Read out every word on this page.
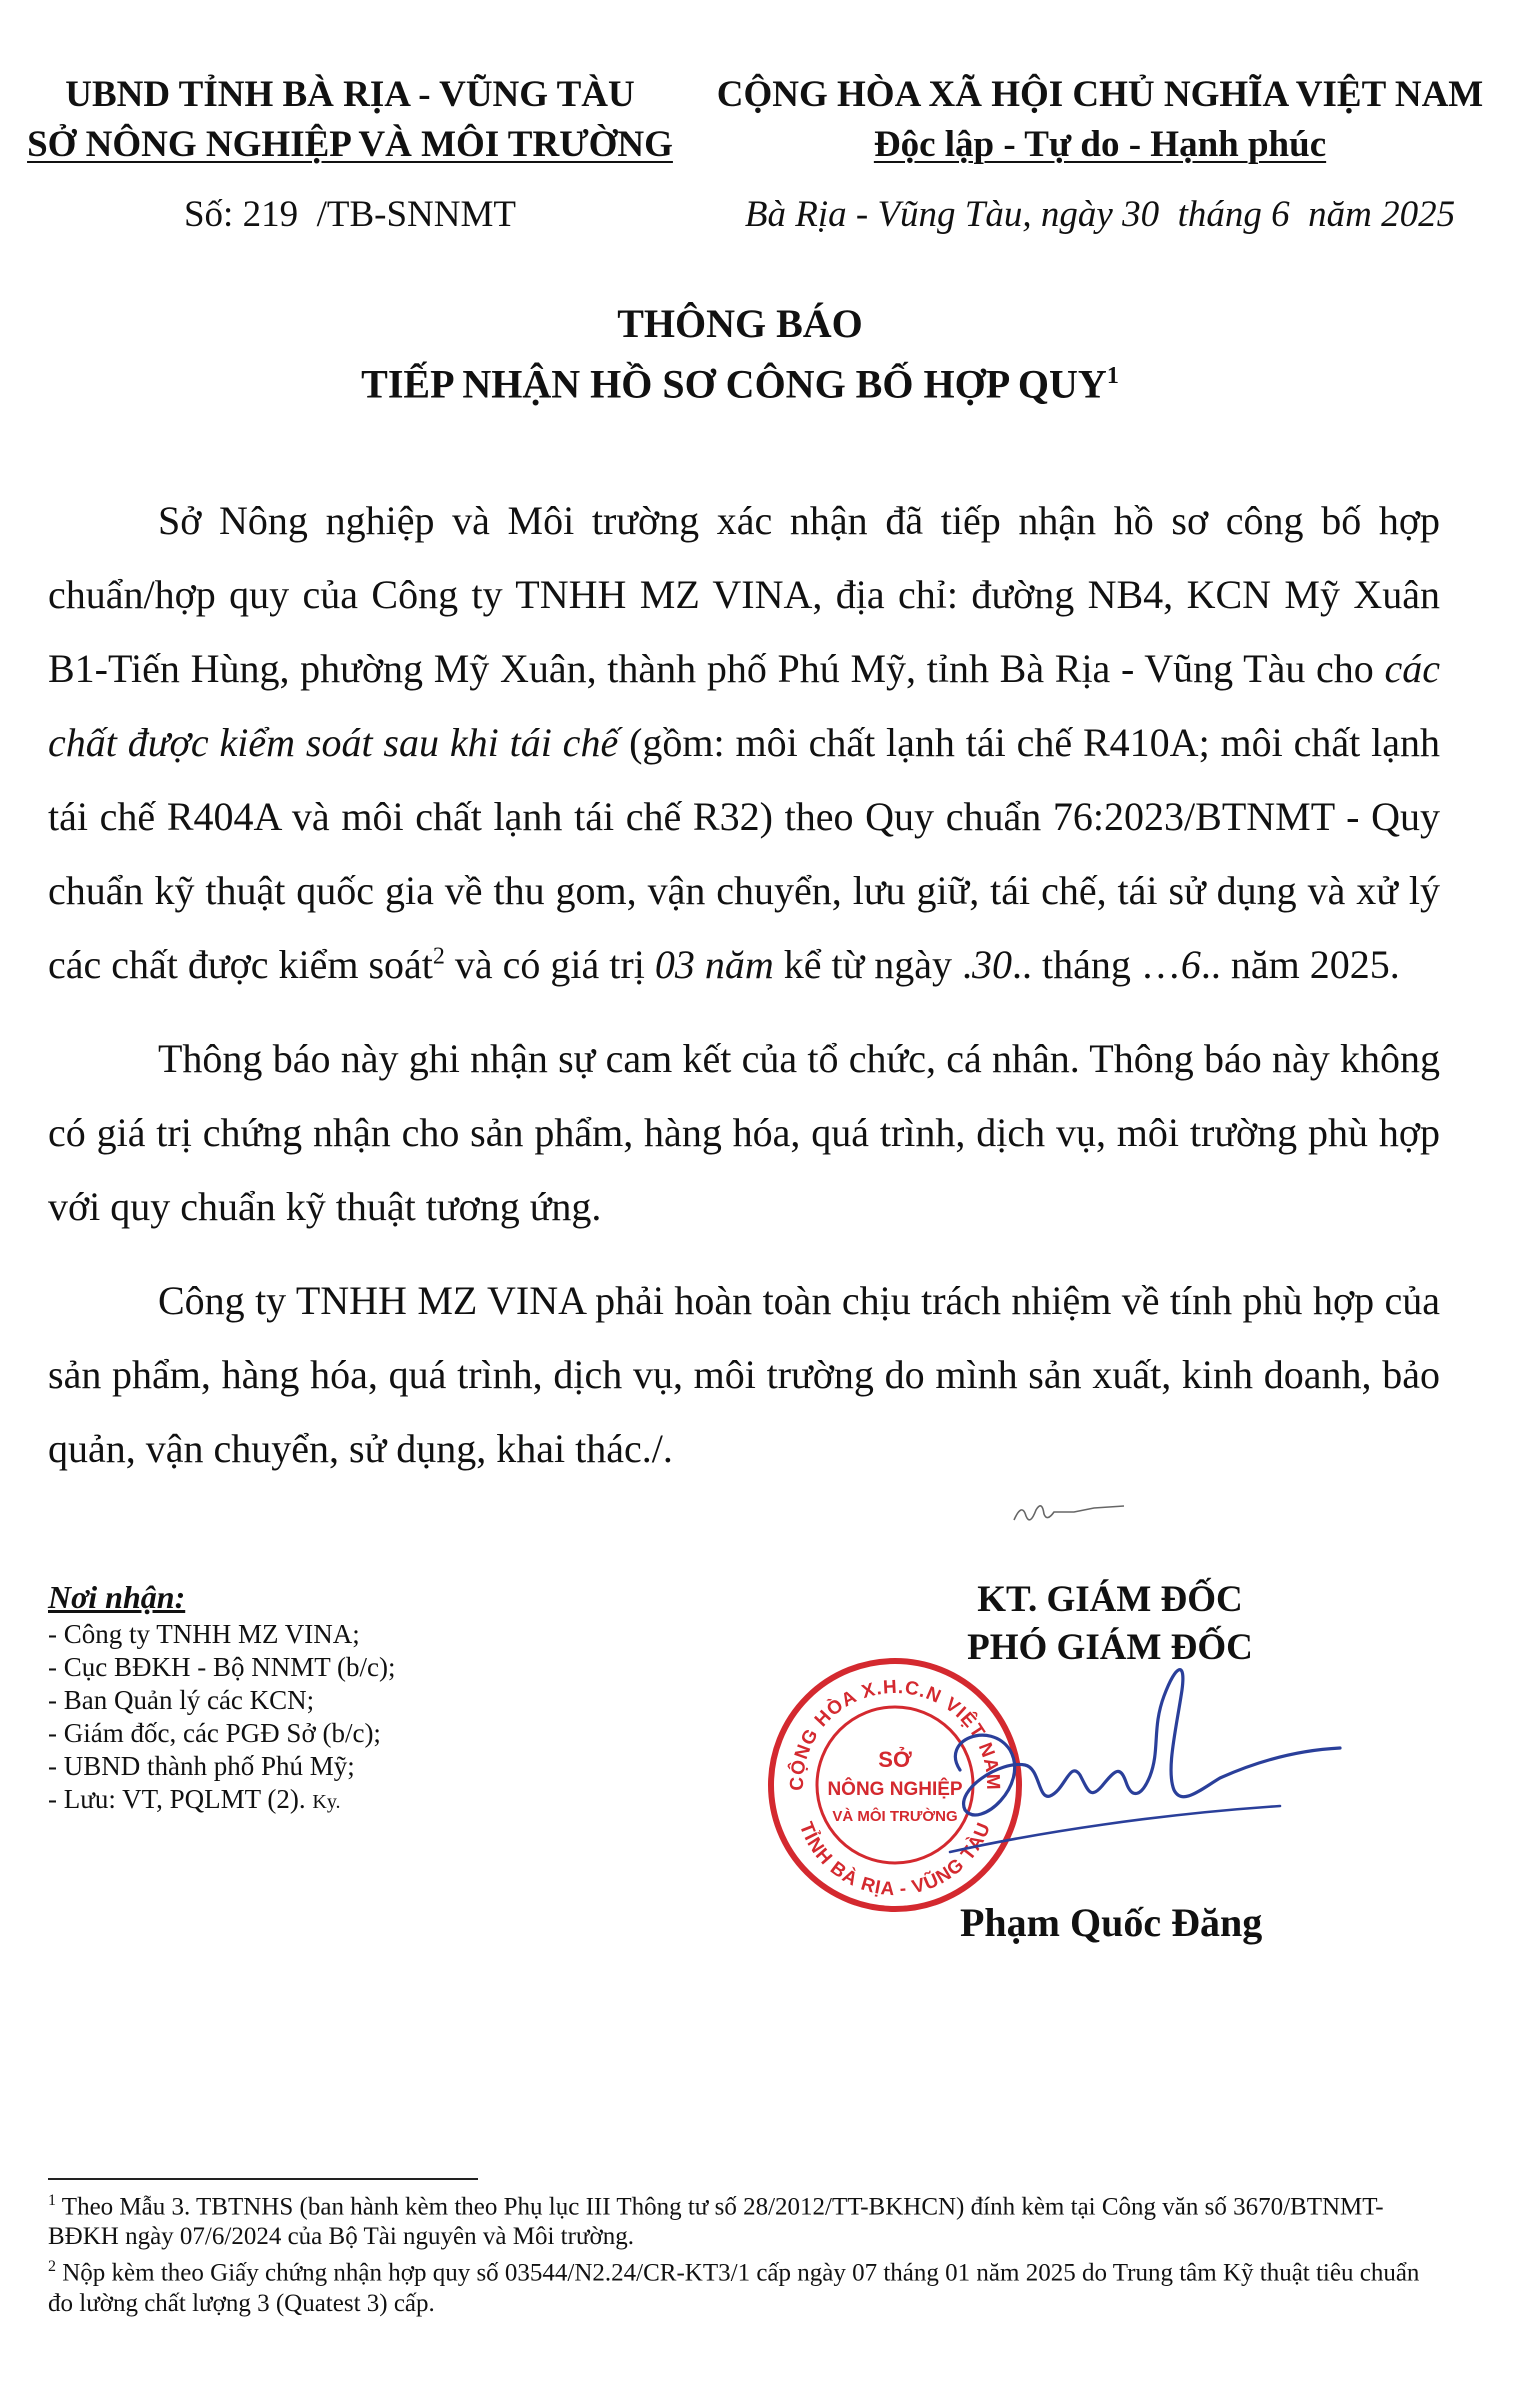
UBND TỈNH BÀ RỊA - VŨNG TÀU
SỞ NÔNG NGHIỆP VÀ MÔI TRƯỜNG
Số: 219 /TB-SNNMT
CỘNG HÒA XÃ HỘI CHỦ NGHĨA VIỆT NAM
Độc lập - Tự do - Hạnh phúc
Bà Rịa - Vũng Tàu, ngày 30 tháng 6 năm 2025
THÔNG BÁO
TIẾP NHẬN HỒ SƠ CÔNG BỐ HỢP QUY$^1$

Sở Nông nghiệp và Môi trường xác nhận đã tiếp nhận hồ sơ công bố hợp chuẩn/hợp quy của Công ty TNHH MZ VINA, địa chỉ: đường NB4, KCN Mỹ Xuân B1-Tiến Hùng, phường Mỹ Xuân, thành phố Phú Mỹ, tỉnh Bà Rịa - Vũng Tàu cho các chất được kiểm soát sau khi tái chế (gồm: môi chất lạnh tái chế R410A; môi chất lạnh tái chế R404A và môi chất lạnh tái chế R32) theo Quy chuẩn 76:2023/BTNMT - Quy chuẩn kỹ thuật quốc gia về thu gom, vận chuyển, lưu giữ, tái chế, tái sử dụng và xử lý các chất được kiểm soát$^2$ và có giá trị 03 năm kể từ ngày .30.. tháng …6.. năm 2025.

Thông báo này ghi nhận sự cam kết của tổ chức, cá nhân. Thông báo này không có giá trị chứng nhận cho sản phẩm, hàng hóa, quá trình, dịch vụ, môi trường phù hợp với quy chuẩn kỹ thuật tương ứng.

Công ty TNHH MZ VINA phải hoàn toàn chịu trách nhiệm về tính phù hợp của sản phẩm, hàng hóa, quá trình, dịch vụ, môi trường do mình sản xuất, kinh doanh, bảo quản, vận chuyển, sử dụng, khai thác./.

Nơi nhận:
- Công ty TNHH MZ VINA;
- Cục BĐKH - Bộ NNMT (b/c);
- Ban Quản lý các KCN;
- Giám đốc, các PGĐ Sở (b/c);
- UBND thành phố Phú Mỹ;
- Lưu: VT, PQLMT (2). Ky.
KT. GIÁM ĐỐC
PHÓ GIÁM ĐỐC
CỘNG HÒA X.H.C.N VIỆT NAM
TỈNH BÀ RỊA - VŨNG TÀU
SỞ
NÔNG NGHIỆP
VÀ MÔI TRƯỜNG
Phạm Quốc Đăng

$^1$ Theo Mẫu 3. TBTNHS (ban hành kèm theo Phụ lục III Thông tư số 28/2012/TT-BKHCN) đính kèm tại Công văn số 3670/BTNMT-BĐKH ngày 07/6/2024 của Bộ Tài nguyên và Môi trường.

$^2$ Nộp kèm theo Giấy chứng nhận hợp quy số 03544/N2.24/CR-KT3/1 cấp ngày 07 tháng 01 năm 2025 do Trung tâm Kỹ thuật tiêu chuẩn đo lường chất lượng 3 (Quatest 3) cấp.
